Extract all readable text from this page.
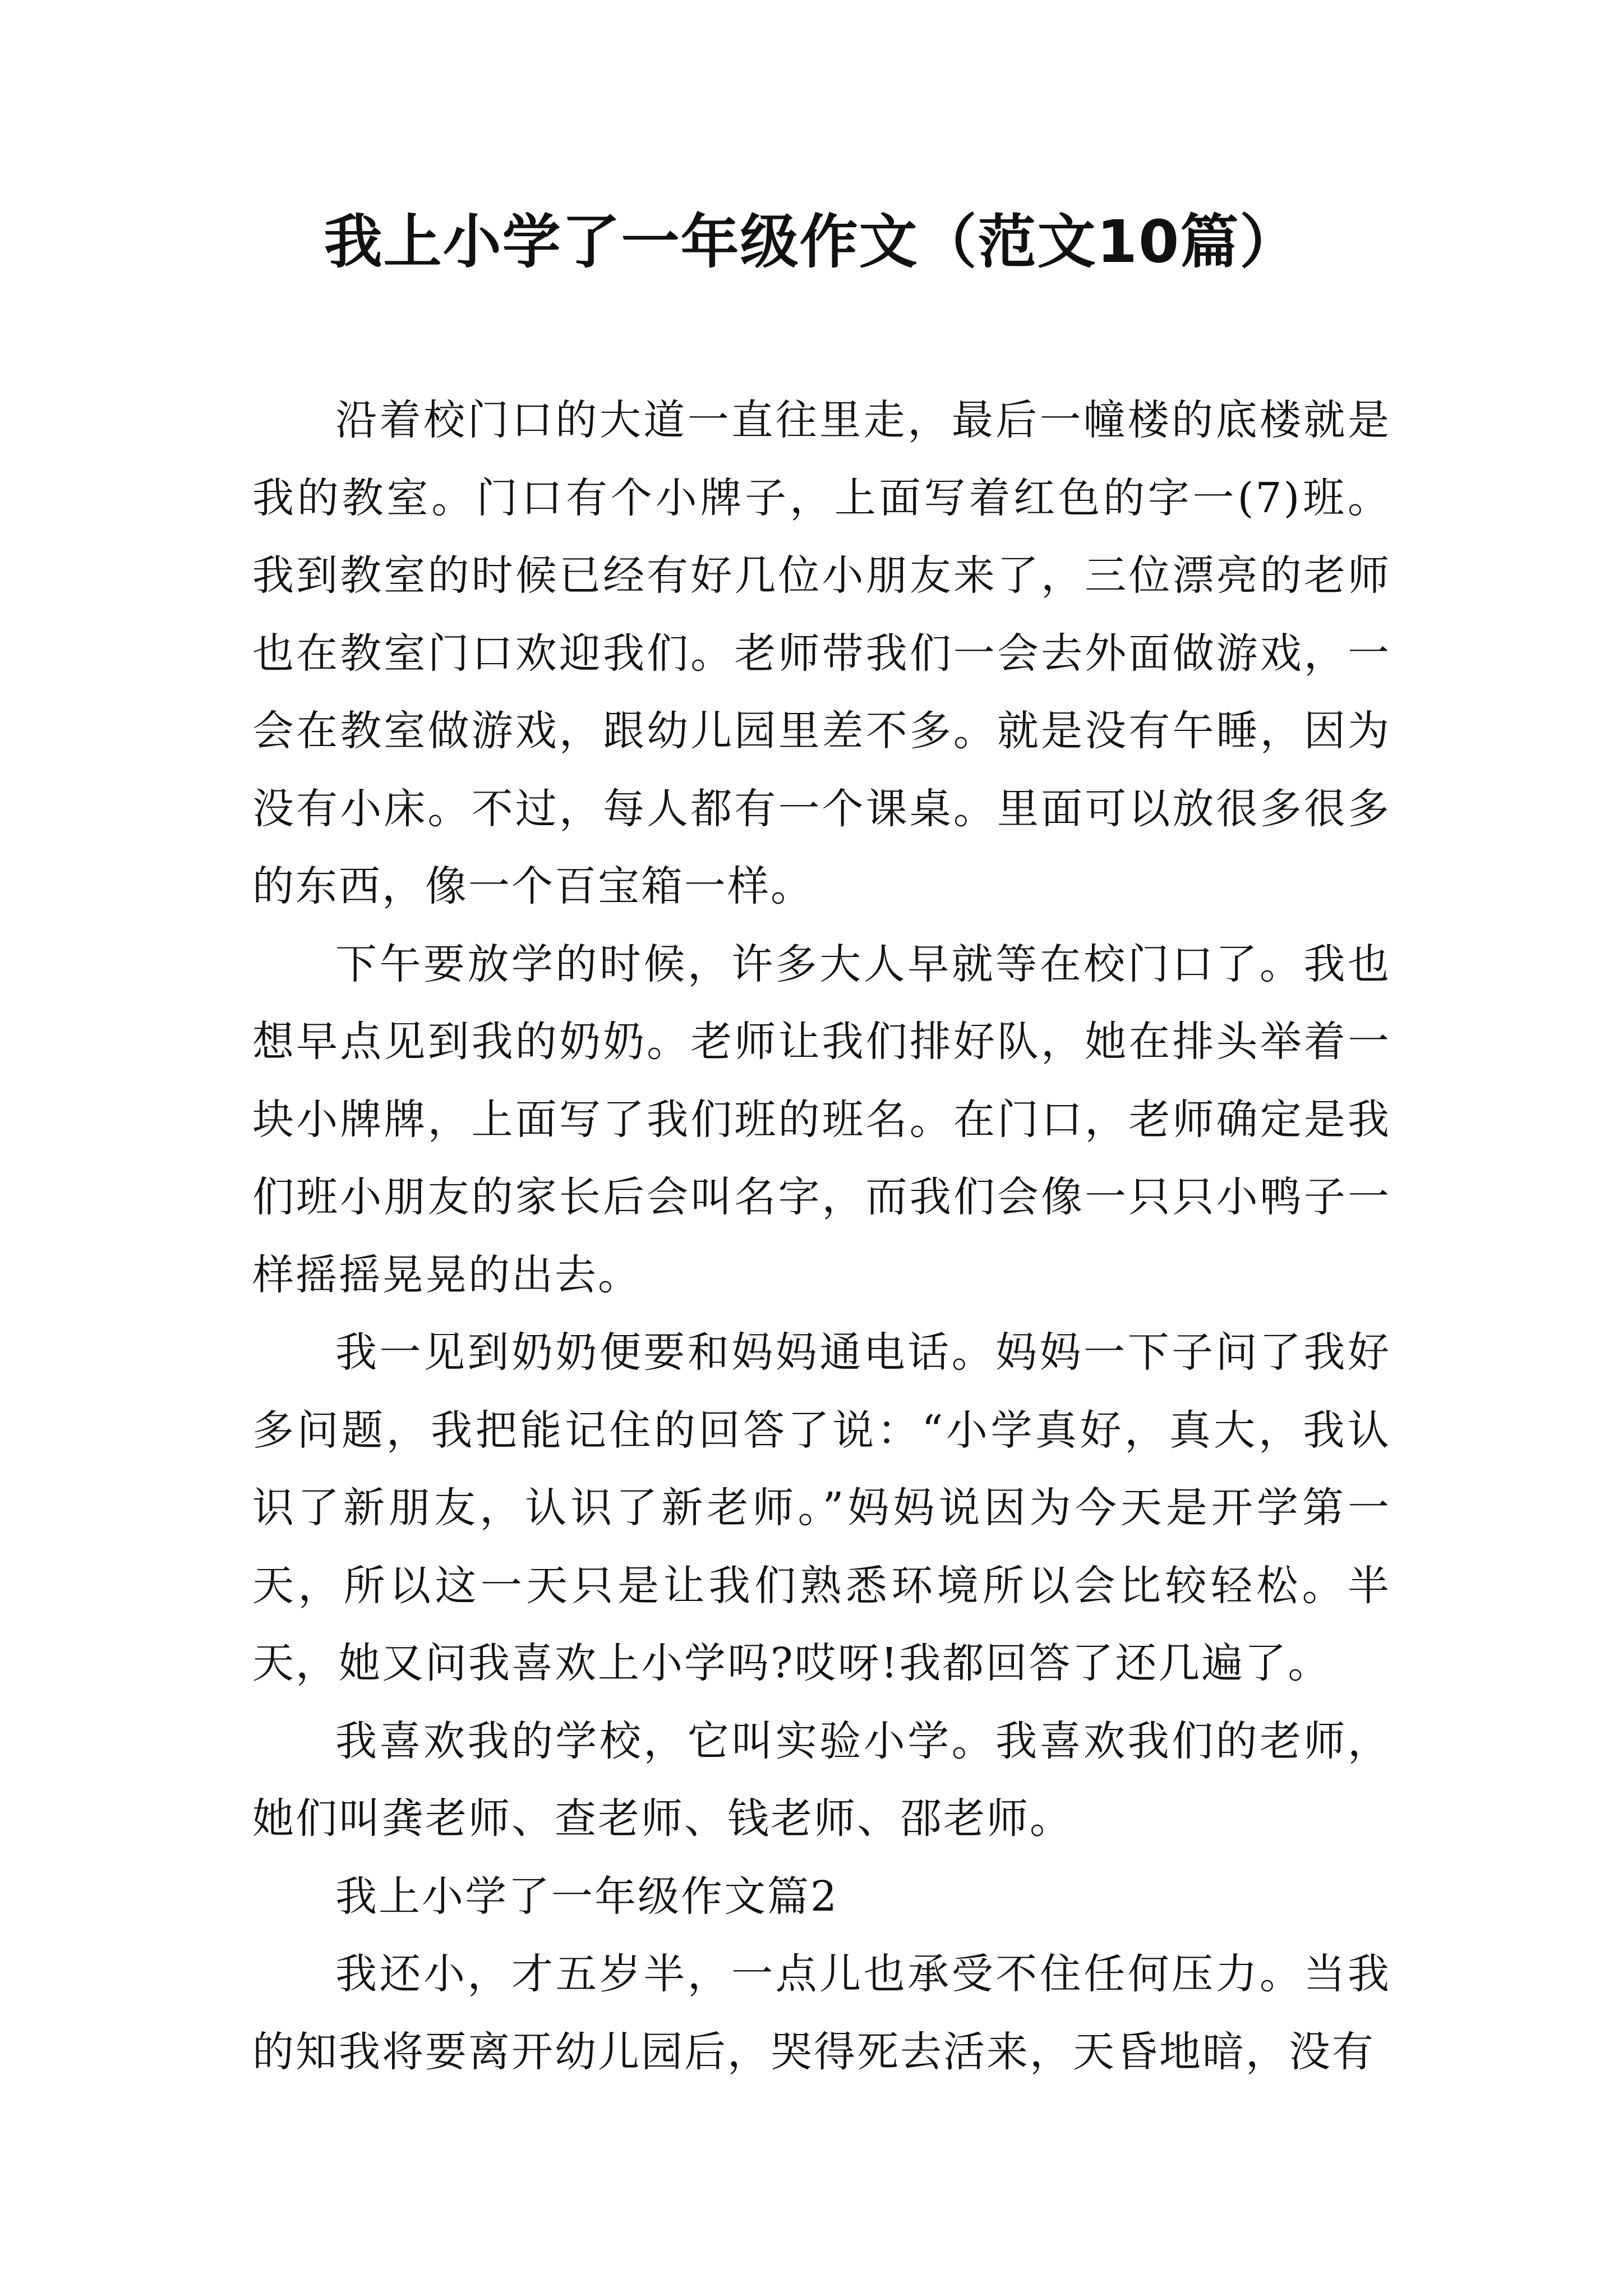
我上小学了一年级作文（范文10篇）

沿着校门口的大道一直往里走，最后一幢楼的底楼就是我的教室。门口有个小牌子，上面写着红色的字一(7)班。我到教室的时候已经有好几位小朋友来了，三位漂亮的老师也在教室门口欢迎我们。老师带我们一会去外面做游戏，一会在教室做游戏，跟幼儿园里差不多。就是没有午睡，因为没有小床。不过，每人都有一个课桌。里面可以放很多很多的东西，像一个百宝箱一样。

下午要放学的时候，许多大人早就等在校门口了。我也想早点见到我的奶奶。老师让我们排好队，她在排头举着一块小牌牌，上面写了我们班的班名。在门口，老师确定是我们班小朋友的家长后会叫名字，而我们会像一只只小鸭子一样摇摇晃晃的出去。

我一见到奶奶便要和妈妈通电话。妈妈一下子问了我好多问题，我把能记住的回答了说：“小学真好，真大，我认识了新朋友，认识了新老师。”妈妈说因为今天是开学第一天，所以这一天只是让我们熟悉环境所以会比较轻松。半天，她又问我喜欢上小学吗?哎呀!我都回答了还几遍了。

我喜欢我的学校，它叫实验小学。我喜欢我们的老师，她们叫龚老师、查老师、钱老师、邵老师。

我上小学了一年级作文篇2

我还小，才五岁半，一点儿也承受不住任何压力。当我的知我将要离开幼儿园后，哭得死去活来，天昏地暗，没有
